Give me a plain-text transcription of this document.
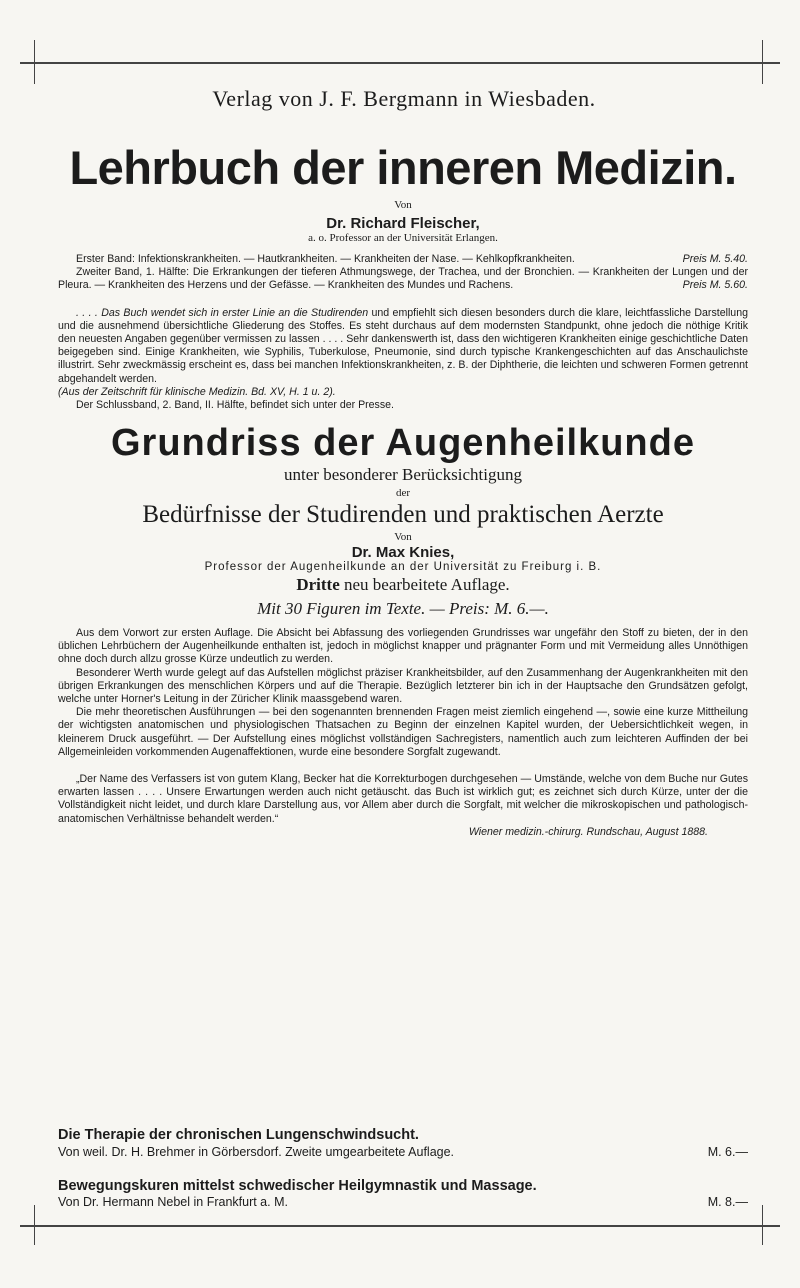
Verlag von J. F. Bergmann in Wiesbaden.
Lehrbuch der inneren Medizin.
Von
Dr. Richard Fleischer,
a. o. Professor an der Universität Erlangen.

Erster Band: Infektionskrankheiten. — Hautkrankheiten. — Krankheiten der Nase. — Kehlkopfkrankheiten.	Preis M. 5.40.

Zweiter Band, 1. Hälfte: Die Erkrankungen der tieferen Athmungswege, der Trachea, und der Bronchien. — Krankheiten der Lungen und der Pleura. — Krankheiten des Herzens und der Gefässe. — Krankheiten des Mundes und Rachens.	Preis M. 5.60.

. . . . Das Buch wendet sich in erster Linie an die Studirenden und empfiehlt sich diesen besonders durch die klare, leichtfassliche Darstellung und die ausnehmend übersichtliche Gliederung des Stoffes. Es steht durchaus auf dem modernsten Standpunkt, ohne jedoch die nöthige Kritik den neuesten Angaben gegenüber vermissen zu lassen . . . . Sehr dankenswerth ist, dass den wichtigeren Krankheiten einige geschichtliche Daten beigegeben sind. Einige Krankheiten, wie Syphilis, Tuberkulose, Pneumonie, sind durch typische Krankengeschichten auf das Anschaulichste illustrirt. Sehr zweckmässig erscheint es, dass bei manchen Infektionskrankheiten, z. B. der Diphtherie, die leichten und schweren Formen getrennt abgehandelt werden.

(Aus der Zeitschrift für klinische Medizin. Bd. XV, H. 1 u. 2).

Der Schlussband, 2. Band, II. Hälfte, befindet sich unter der Presse.

Grundriss der Augenheilkunde
unter besonderer Berücksichtigung
der
Bedürfnisse der Studirenden und praktischen Aerzte
Von
Dr. Max Knies,
Professor der Augenheilkunde an der Universität zu Freiburg i. B.
Dritte neu bearbeitete Auflage.
Mit 30 Figuren im Texte. — Preis: M. 6.—.

Aus dem Vorwort zur ersten Auflage. Die Absicht bei Abfassung des vorliegenden Grundrisses war ungefähr den Stoff zu bieten, der in den üblichen Lehrbüchern der Augenheilkunde enthalten ist, jedoch in möglichst knapper und prägnanter Form und mit Vermeidung alles Unnöthigen ohne doch durch allzu grosse Kürze undeutlich zu werden.

Besonderer Werth wurde gelegt auf das Aufstellen möglichst präziser Krankheitsbilder, auf den Zusammenhang der Augenkrankheiten mit den übrigen Erkrankungen des menschlichen Körpers und auf die Therapie. Bezüglich letzterer bin ich in der Hauptsache den Grundsätzen gefolgt, welche unter Horner's Leitung in der Züricher Klinik maassgebend waren.

Die mehr theoretischen Ausführungen — bei den sogenannten brennenden Fragen meist ziemlich eingehend —, sowie eine kurze Mittheilung der wichtigsten anatomischen und physiologischen Thatsachen zu Beginn der einzelnen Kapitel wurden, der Uebersichtlichkeit wegen, in kleinerem Druck ausgeführt. — Der Aufstellung eines möglichst vollständigen Sachregisters, namentlich auch zum leichteren Auffinden der bei Allgemeinleiden vorkommenden Augenaffektionen, wurde eine besondere Sorgfalt zugewandt.

„Der Name des Verfassers ist von gutem Klang, Becker hat die Korrekturbogen durchgesehen — Umstände, welche von dem Buche nur Gutes erwarten lassen . . . . Unsere Erwartungen werden auch nicht getäuscht. das Buch ist wirklich gut; es zeichnet sich durch Kürze, unter der die Vollständigkeit nicht leidet, und durch klare Darstellung aus, vor Allem aber durch die Sorgfalt, mit welcher die mikroskopischen und pathologisch-anatomischen Verhältnisse behandelt werden.“

Wiener medizin.-chirurg. Rundschau, August 1888.

Die Therapie der chronischen Lungenschwindsucht.
Von weil. Dr. H. Brehmer in Görbersdorf. Zweite umgearbeitete Auflage.	M. 6.—
Bewegungskuren mittelst schwedischer Heilgymnastik und Massage.
Von Dr. Hermann Nebel in Frankfurt a. M.	M. 8.—
